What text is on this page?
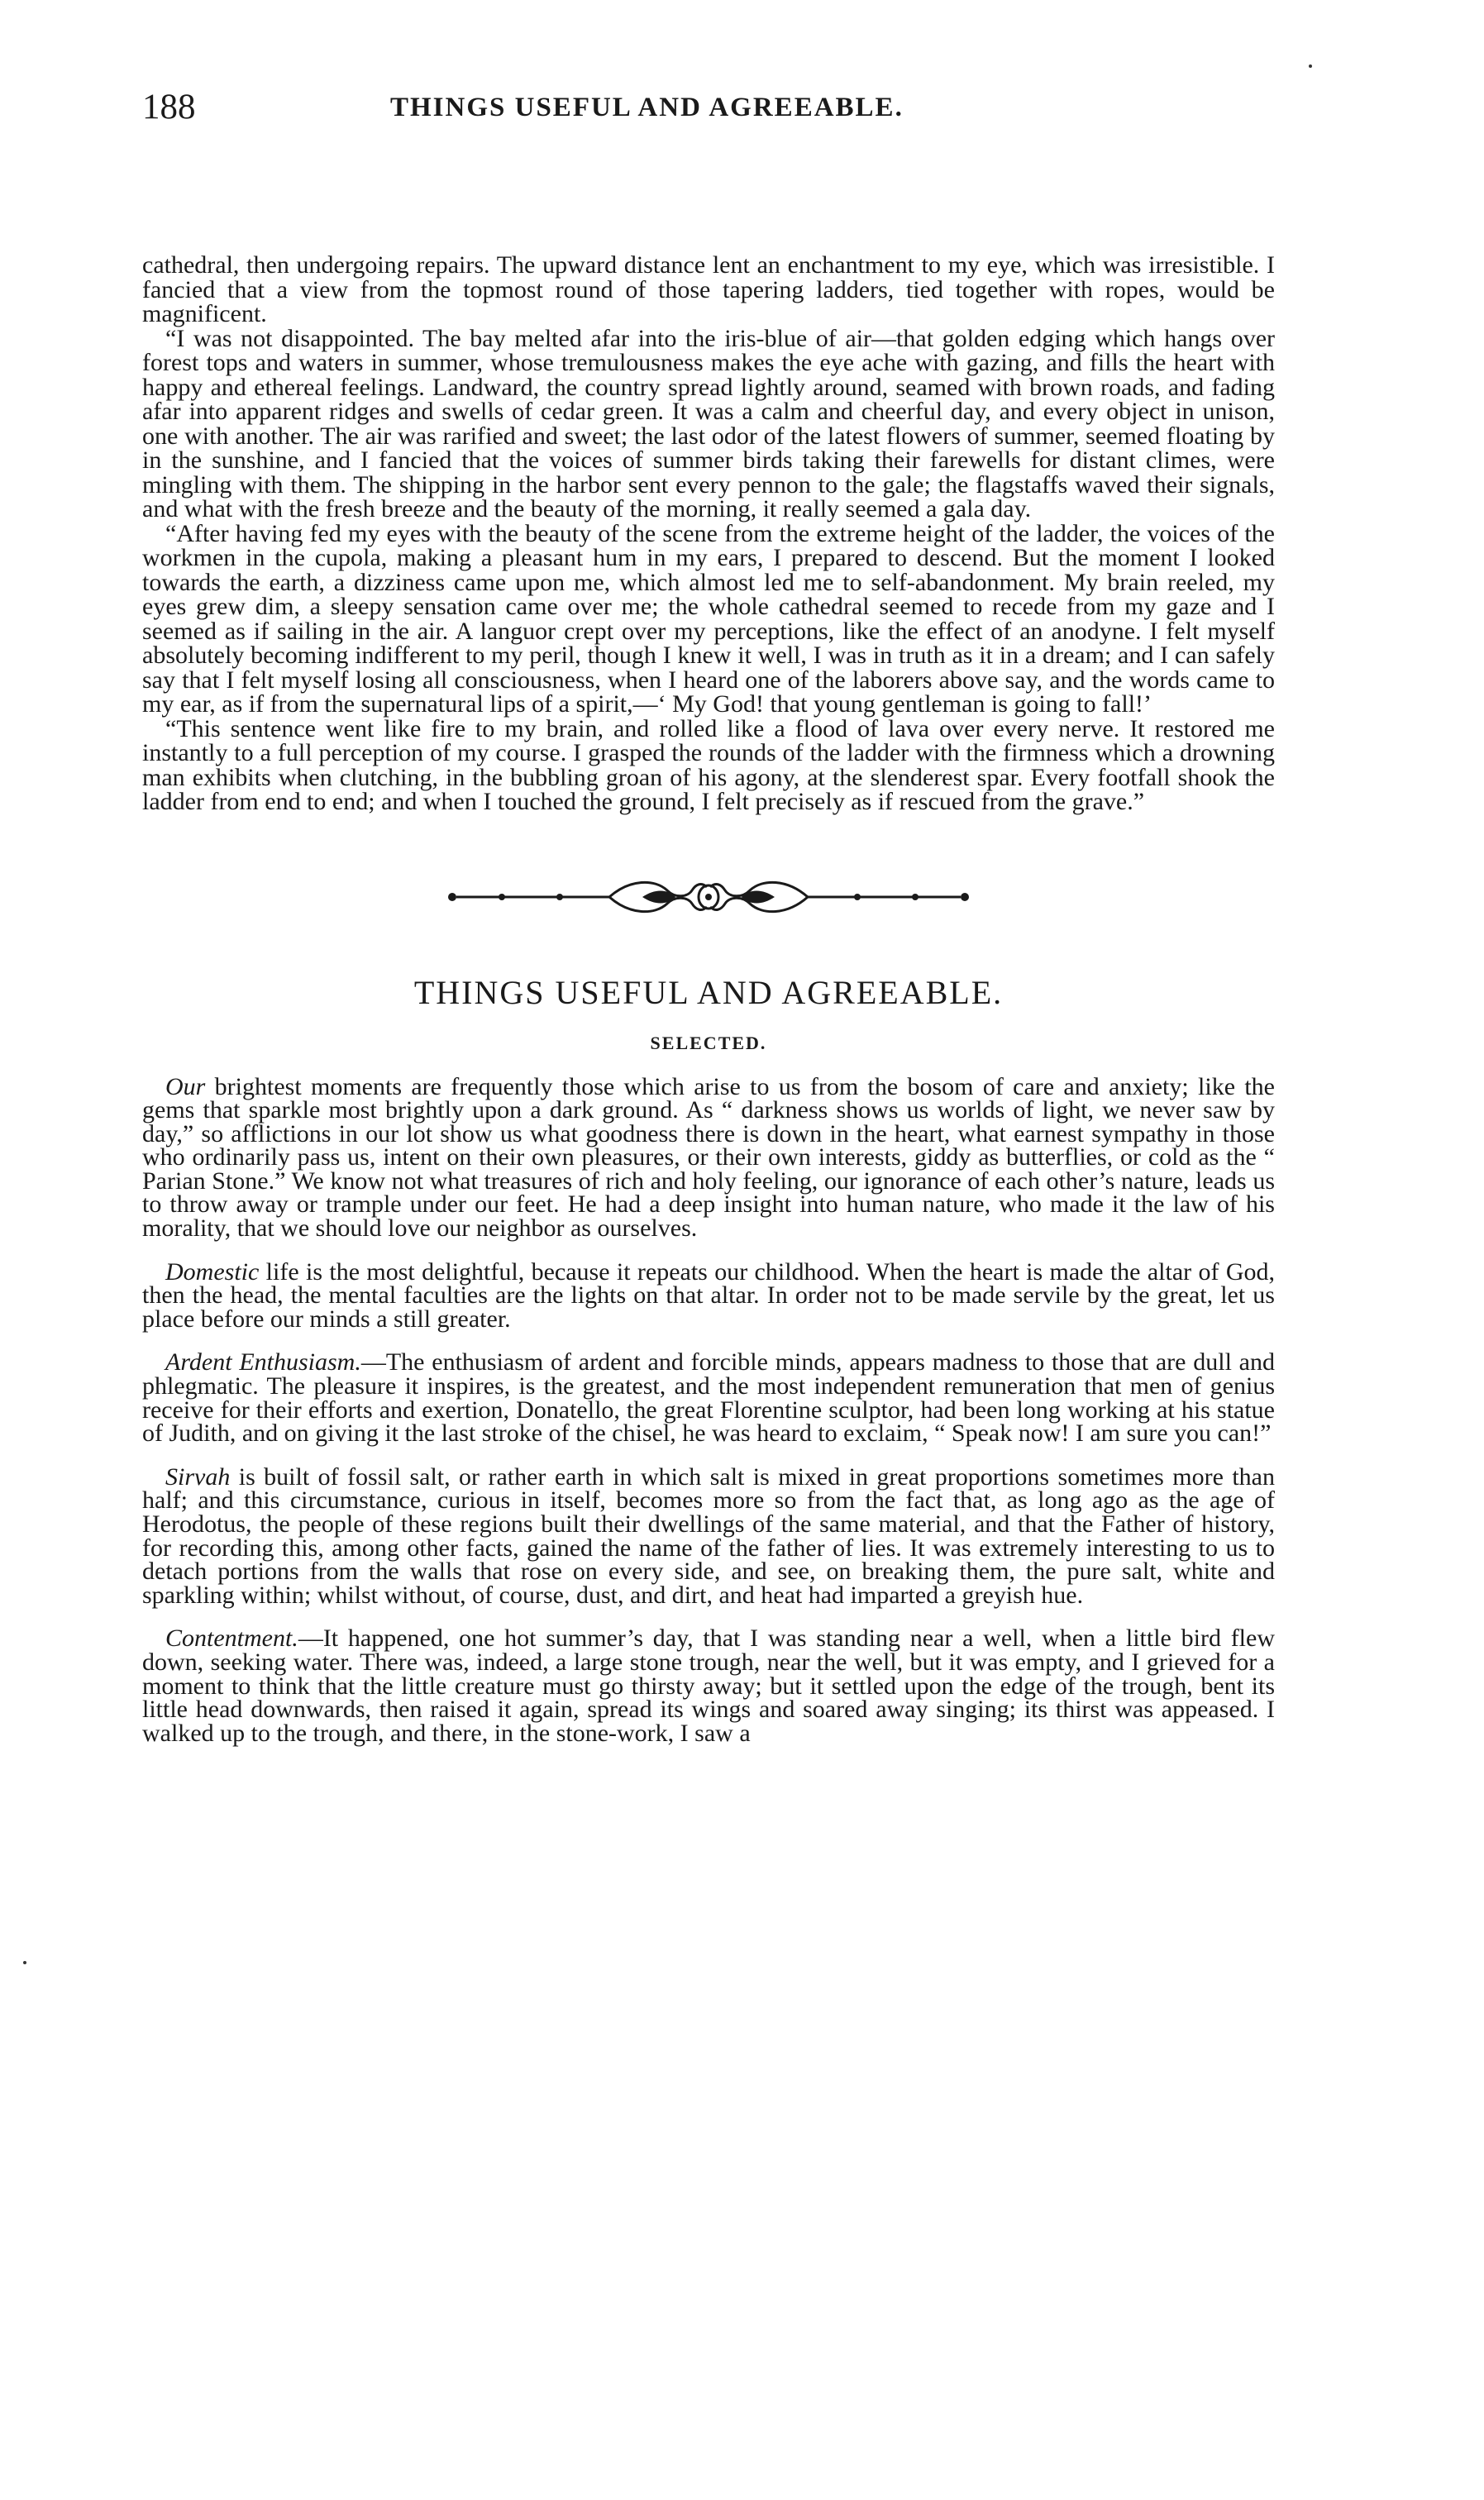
188	THINGS USEFUL AND AGREEABLE.

cathedral, then undergoing repairs. The upward distance lent an enchantment to my eye, which was irresistible. I fancied that a view from the topmost round of those tapering ladders, tied together with ropes, would be magnificent.

“I was not disappointed. The bay melted afar into the iris-blue of air—that golden edging which hangs over forest tops and waters in summer, whose tremulousness makes the eye ache with gazing, and fills the heart with happy and ethereal feelings. Landward, the country spread lightly around, seamed with brown roads, and fading afar into apparent ridges and swells of cedar green. It was a calm and cheerful day, and every object in unison, one with another. The air was rarified and sweet; the last odor of the latest flowers of summer, seemed floating by in the sunshine, and I fancied that the voices of summer birds taking their farewells for distant climes, were mingling with them. The shipping in the harbor sent every pennon to the gale; the flagstaffs waved their signals, and what with the fresh breeze and the beauty of the morning, it really seemed a gala day.

“After having fed my eyes with the beauty of the scene from the extreme height of the ladder, the voices of the workmen in the cupola, making a pleasant hum in my ears, I prepared to descend. But the moment I looked towards the earth, a dizziness came upon me, which almost led me to self-abandonment. My brain reeled, my eyes grew dim, a sleepy sensation came over me; the whole cathedral seemed to recede from my gaze and I seemed as if sailing in the air. A languor crept over my perceptions, like the effect of an anodyne. I felt myself absolutely becoming indifferent to my peril, though I knew it well, I was in truth as it in a dream; and I can safely say that I felt myself losing all consciousness, when I heard one of the laborers above say, and the words came to my ear, as if from the supernatural lips of a spirit,—‘ My God! that young gentleman is going to fall!’

“This sentence went like fire to my brain, and rolled like a flood of lava over every nerve. It restored me instantly to a full perception of my course. I grasped the rounds of the ladder with the firmness which a drowning man exhibits when clutching, in the bubbling groan of his agony, at the slenderest spar. Every footfall shook the ladder from end to end; and when I touched the ground, I felt precisely as if rescued from the grave.”

THINGS USEFUL AND AGREEABLE.
SELECTED.

Our brightest moments are frequently those which arise to us from the bosom of care and anxiety; like the gems that sparkle most brightly upon a dark ground. As “ darkness shows us worlds of light, we never saw by day,” so afflictions in our lot show us what goodness there is down in the heart, what earnest sympathy in those who ordinarily pass us, intent on their own pleasures, or their own interests, giddy as butterflies, or cold as the “ Parian Stone.” We know not what treasures of rich and holy feeling, our ignorance of each other’s nature, leads us to throw away or trample under our feet. He had a deep insight into human nature, who made it the law of his morality, that we should love our neighbor as ourselves.

Domestic life is the most delightful, because it repeats our childhood. When the heart is made the altar of God, then the head, the mental faculties are the lights on that altar. In order not to be made servile by the great, let us place before our minds a still greater.

Ardent Enthusiasm.—The enthusiasm of ardent and forcible minds, appears madness to those that are dull and phlegmatic. The pleasure it inspires, is the greatest, and the most independent remuneration that men of genius receive for their efforts and exertion, Donatello, the great Florentine sculptor, had been long working at his statue of Judith, and on giving it the last stroke of the chisel, he was heard to exclaim, “ Speak now! I am sure you can!”

Sirvah is built of fossil salt, or rather earth in which salt is mixed in great proportions sometimes more than half; and this circumstance, curious in itself, becomes more so from the fact that, as long ago as the age of Herodotus, the people of these regions built their dwellings of the same material, and that the Father of history, for recording this, among other facts, gained the name of the father of lies. It was extremely interesting to us to detach portions from the walls that rose on every side, and see, on breaking them, the pure salt, white and sparkling within; whilst without, of course, dust, and dirt, and heat had imparted a greyish hue.

Contentment.—It happened, one hot summer’s day, that I was standing near a well, when a little bird flew down, seeking water. There was, indeed, a large stone trough, near the well, but it was empty, and I grieved for a moment to think that the little creature must go thirsty away; but it settled upon the edge of the trough, bent its little head downwards, then raised it again, spread its wings and soared away singing; its thirst was appeased. I walked up to the trough, and there, in the stone-work, I saw a
